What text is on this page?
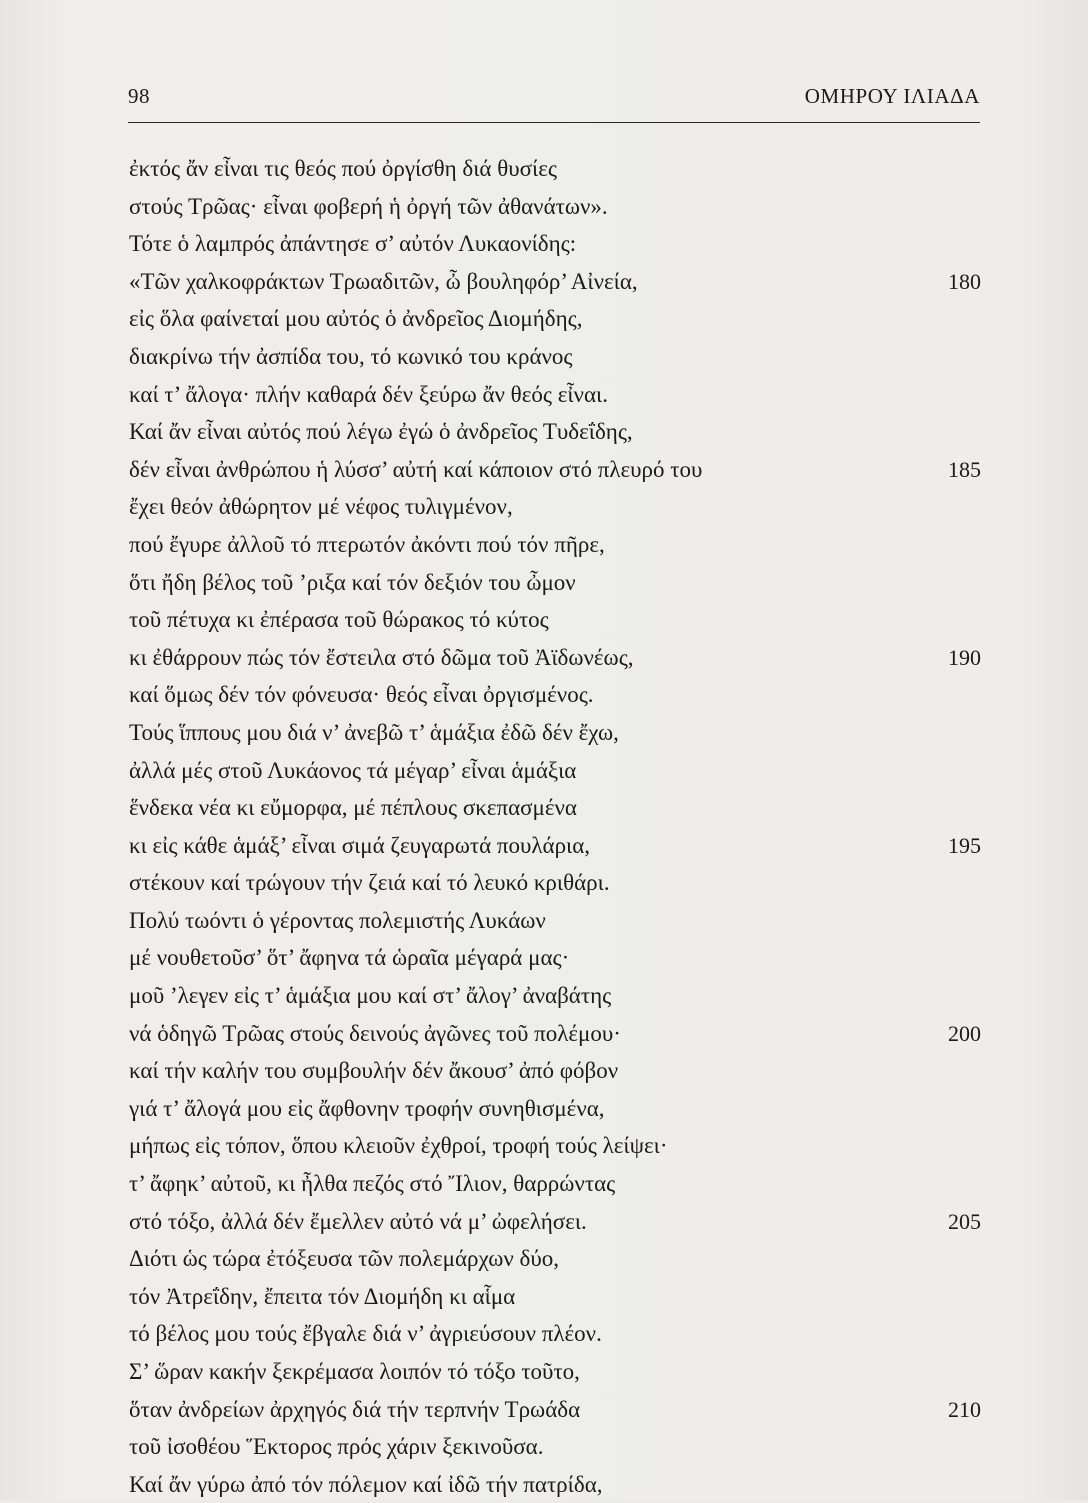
98	ΟΜΗΡΟΥ ΙΛΙΑΔΑ
ἐκτός ἄν εἶναι τις θεός πού ὀργίσθη διά θυσίες
στούς Τρῶας· εἶναι φοβερή ἡ ὀργή τῶν ἀθανάτων».
Τότε ὁ λαμπρός ἀπάντησε σ’ αὐτόν Λυκαονίδης:
«Τῶν χαλκοφράκτων Τρωαδιτῶν, ὦ βουληφόρ’ Αἰνεία,	180
εἰς ὅλα φαίνεταί μου αὐτός ὁ ἀνδρεῖος Διομήδης,
διακρίνω τήν ἀσπίδα του, τό κωνικό του κράνος
καί τ’ ἄλογα· πλήν καθαρά δέν ξεύρω ἄν θεός εἶναι.
Καί ἄν εἶναι αὐτός πού λέγω ἐγώ ὁ ἀνδρεῖος Τυδεΐδης,
δέν εἶναι ἀνθρώπου ἡ λύσσ’ αὐτή καί κάποιον στό πλευρό του	185
ἔχει θεόν ἀθώρητον μέ νέφος τυλιγμένον,
πού ἔγυρε ἀλλοῦ τό πτερωτόν ἀκόντι πού τόν πῆρε,
ὅτι ἤδη βέλος τοῦ ’ριξα καί τόν δεξιόν του ὦμον
τοῦ πέτυχα κι ἐπέρασα τοῦ θώρακος τό κύτος
κι ἐθάρρουν πώς τόν ἔστειλα στό δῶμα τοῦ Ἀϊδωνέως,	190
καί ὅμως δέν τόν φόνευσα· θεός εἶναι ὀργισμένος.
Τούς ἵππους μου διά ν’ ἀνεβῶ τ’ ἁμάξια ἐδῶ δέν ἔχω,
ἀλλά μές στοῦ Λυκάονος τά μέγαρ’ εἶναι ἁμάξια
ἕνδεκα νέα κι εὔμορφα, μέ πέπλους σκεπασμένα
κι εἰς κάθε ἁμάξ’ εἶναι σιμά ζευγαρωτά πουλάρια,	195
στέκουν καί τρώγουν τήν ζειά καί τό λευκό κριθάρι.
Πολύ τωόντι ὁ γέροντας πολεμιστής Λυκάων
μέ νουθετοῦσ’ ὅτ’ ἄφηνα τά ὡραῖα μέγαρά μας·
μοῦ ’λεγεν εἰς τ’ ἁμάξια μου καί στ’ ἄλογ’ ἀναβάτης
νά ὁδηγῶ Τρῶας στούς δεινούς ἀγῶνες τοῦ πολέμου·	200
καί τήν καλήν του συμβουλήν δέν ἄκουσ’ ἀπό φόβον
γιά τ’ ἄλογά μου εἰς ἄφθονην τροφήν συνηθισμένα,
μήπως εἰς τόπον, ὅπου κλειοῦν ἐχθροί, τροφή τούς λείψει·
τ’ ἄφηκ’ αὐτοῦ, κι ἦλθα πεζός στό Ἴλιον, θαρρώντας
στό τόξο, ἀλλά δέν ἔμελλεν αὐτό νά μ’ ὠφελήσει.	205
Διότι ὡς τώρα ἐτόξευσα τῶν πολεμάρχων δύο,
τόν Ἀτρεΐδην, ἔπειτα τόν Διομήδη κι αἷμα
τό βέλος μου τούς ἔβγαλε διά ν’ ἀγριεύσουν πλέον.
Σ’ ὥραν κακήν ξεκρέμασα λοιπόν τό τόξο τοῦτο,
ὅταν ἀνδρείων ἀρχηγός διά τήν τερπνήν Τρωάδα	210
τοῦ ἰσοθέου Ἕκτορος πρός χάριν ξεκινοῦσα.
Καί ἄν γύρω ἀπό τόν πόλεμον καί ἰδῶ τήν πατρίδα,
